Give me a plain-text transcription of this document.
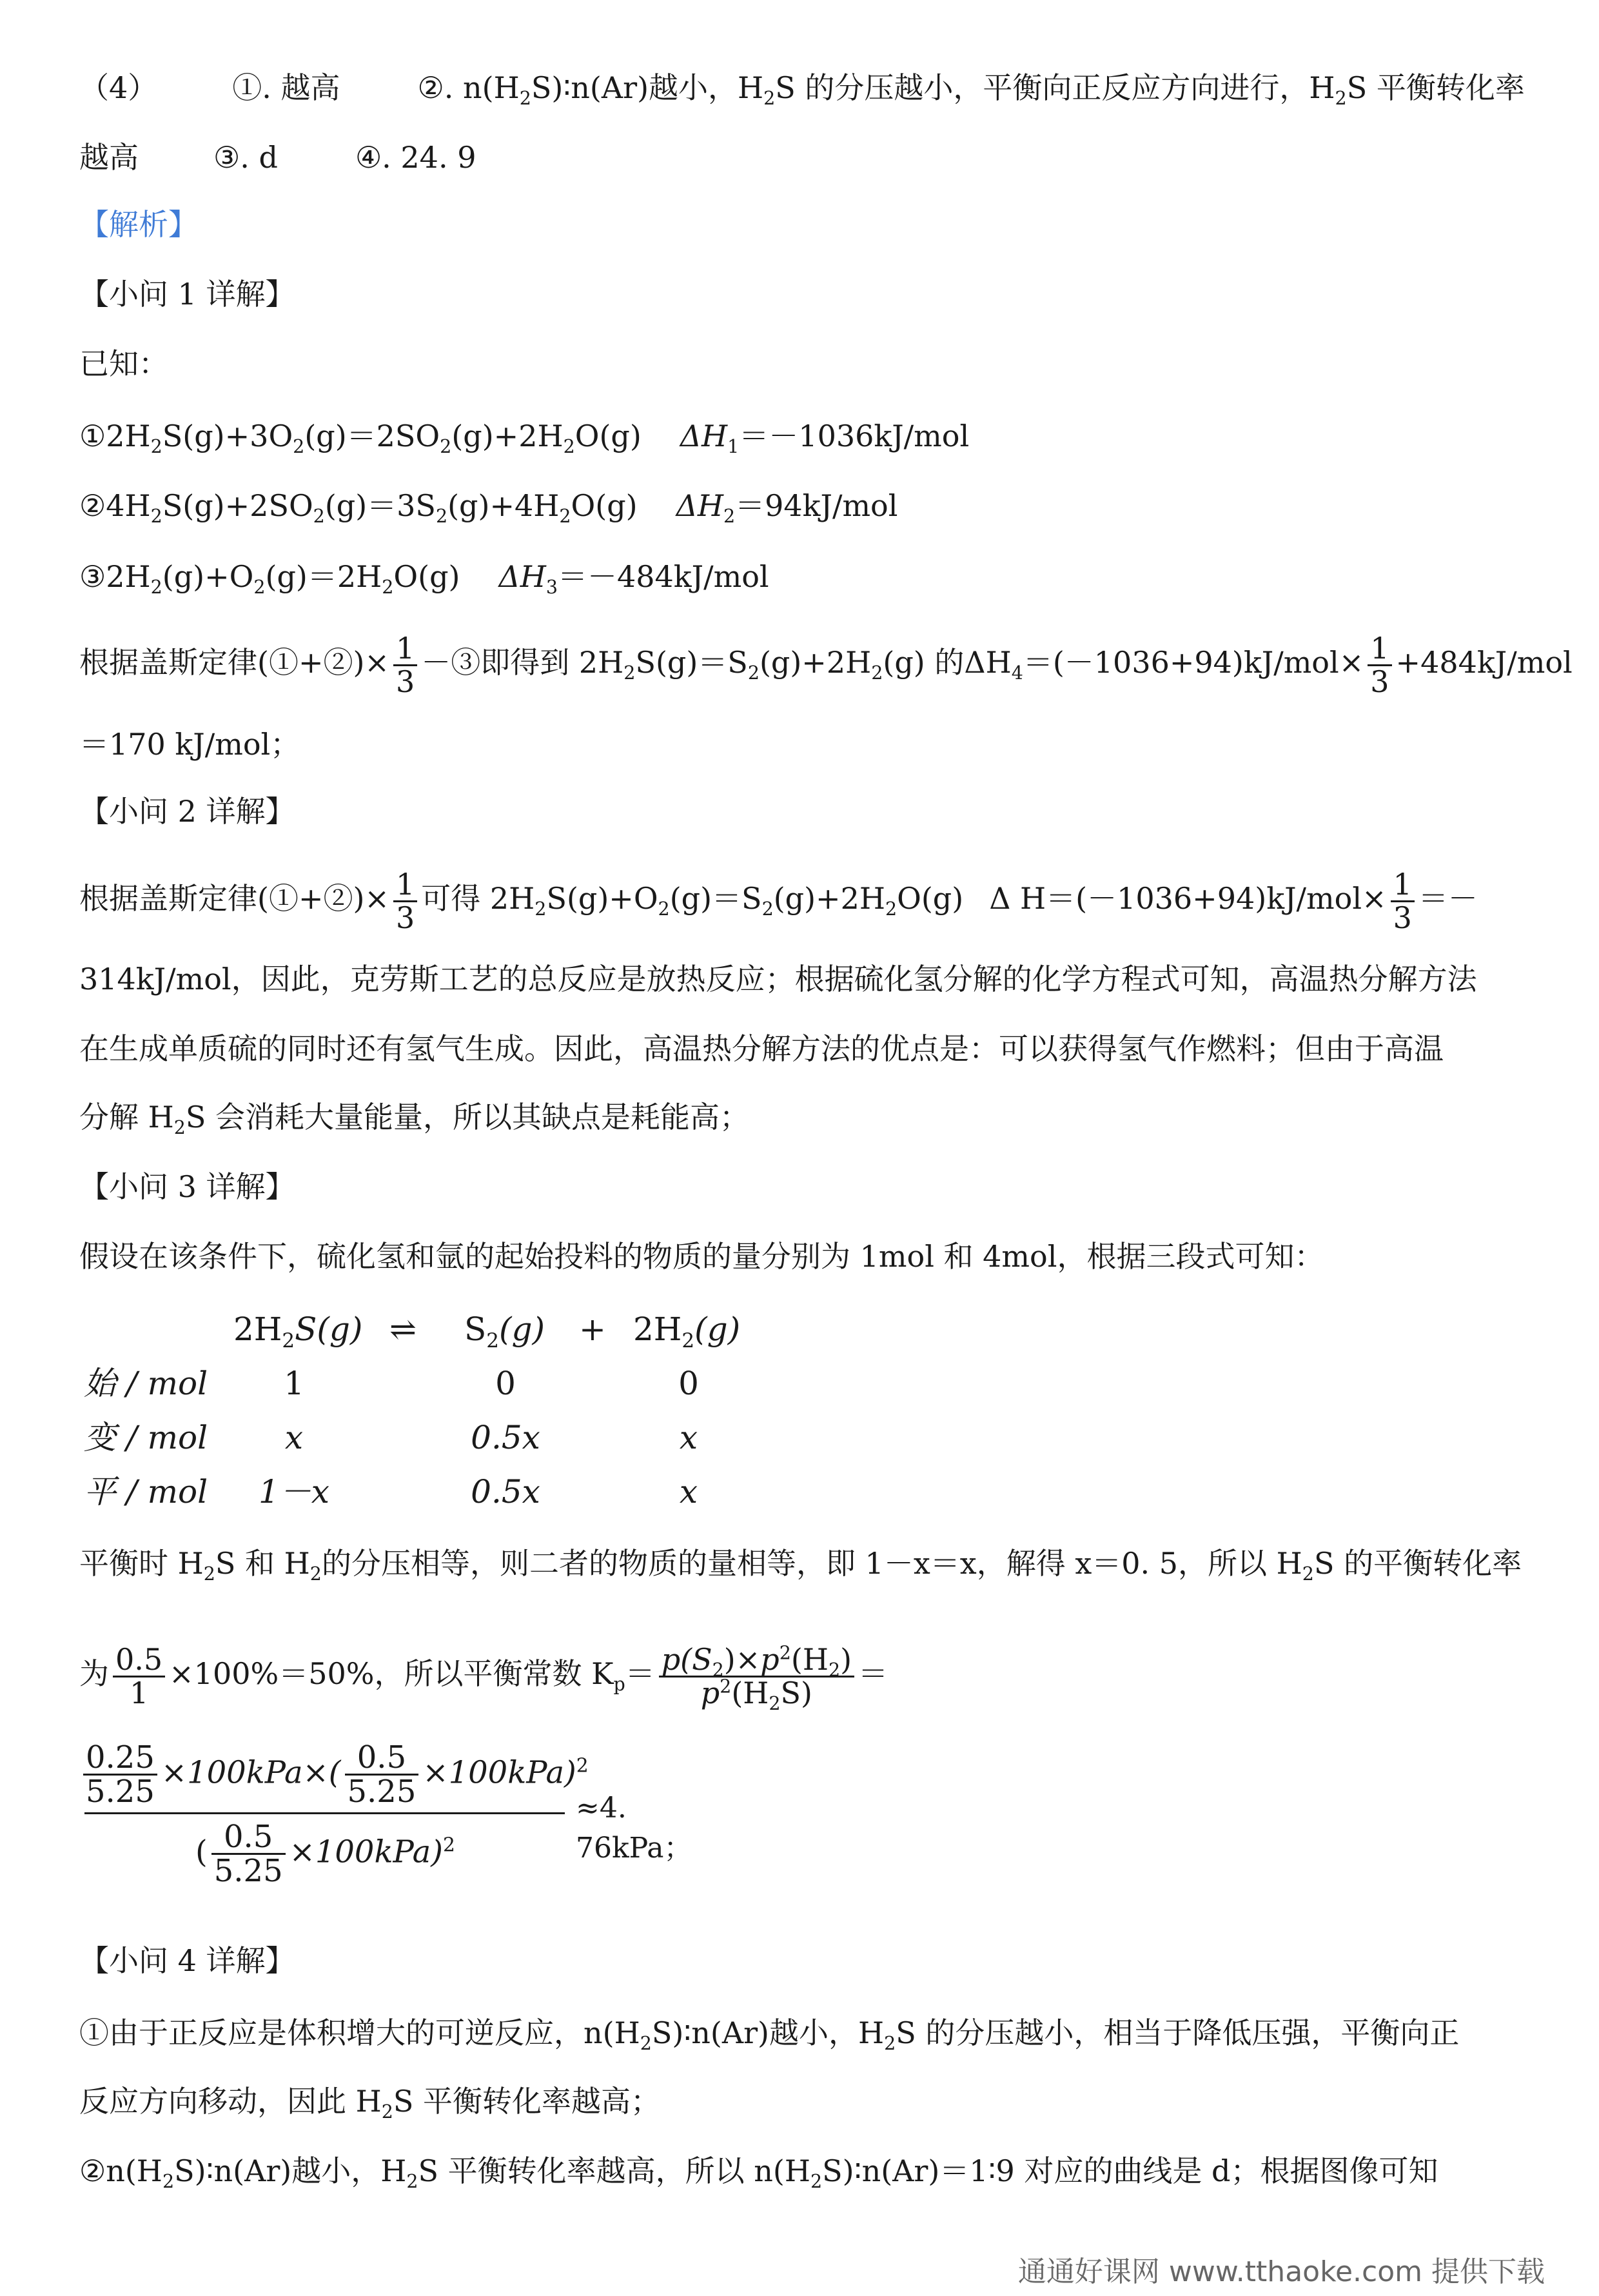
（4）	①. 越高	②. $n(H_2S)∶n(Ar)$越小，$H_2S$ 的分压越小，平衡向正反应方向进行，$H_2S$ 平衡转化率
越高	③. d	④. 24. 9
【解析】
【小问 1 详解】
已知：
$①2H_2S(g)+3O_2(g)=2SO_2(g)+2H_2O(g)$ $\Delta H_1=-1036kJ$/mol
$②4H_2S(g)+2SO_2(g)=3S_2(g)+4H_2O(g)$ $\Delta H_2=94kJ$/mol
$③2H_2(g)+O_2(g)=2H_2O(g)$ $\Delta H_3=-484kJ$/mol
根据盖斯定律(①+②)× $\frac{1}{3}$ －③即得到 $2H_2S(g)=S_2(g)+2H_2(g)$ 的$\Delta H_4=(-1036+94)kJ/mol\times \frac{1}{3} +484kJ/mol$
＝170 kJ/mol；
【小问 2 详解】
根据盖斯定律(①+②)× $\frac{1}{3}$ 可得 $2H_2S(g)+O_2(g)=S_2(g)+2H_2O(g)$ Δ $H=(-1036+94)kJ/mol\times \frac{1}{3}$ ＝－
314kJ/mol，因此，克劳斯工艺的总反应是放热反应；根据硫化氢分解的化学方程式可知，高温热分解方法
在生成单质硫的同时还有氢气生成。因此，高温热分解方法的优点是：可以获得氢气作燃料；但由于高温
分解 $H_2S$ 会消耗大量能量，所以其缺点是耗能高；
【小问 3 详解】
假设在该条件下，硫化氢和氩的起始投料的物质的量分别为 1mol 和 4mol，根据三段式可知：
$2H_2S(g)$ ⇌ $S_2(g) + 2H_2(g)$
始 / mol 1	0	0
变 / mol x	0.5x	x
平 / mol 1－x	0.5x	x
平衡时 $H_2S$ 和 $H_2$的分压相等，则二者的物质的量相等，即 1－x＝x，解得 x＝0. 5，所以 $H_2S$ 的平衡转化率
为 $\frac{0.5}{1} \times 100\%=50\%$，所以平衡常数 $K_p= \frac{p(S_2)\times p^2(H_2)}{p^2(H_2S)}$ ＝
$\frac{0.25}{5.25} \times 100kPa\times( \frac{0.5}{5.25} \times 100kPa)^2$
≈4. 76kPa；
( $\frac{0.5}{5.25} \times 100kPa)^2$
【小问 4 详解】
①由于正反应是体积增大的可逆反应，$n(H_2S)∶n(Ar)$越小，$H_2S$ 的分压越小，相当于降低压强，平衡向正
反应方向移动，因此 $H_2S$ 平衡转化率越高；
$②n(H_2S)∶n(Ar)$越小，$H_2S$ 平衡转化率越高，所以 $n(H_2S)∶n(Ar)=1∶9$ 对应的曲线是 d；根据图像可知
通通好课网 www.tthaoke.com 提供下载
